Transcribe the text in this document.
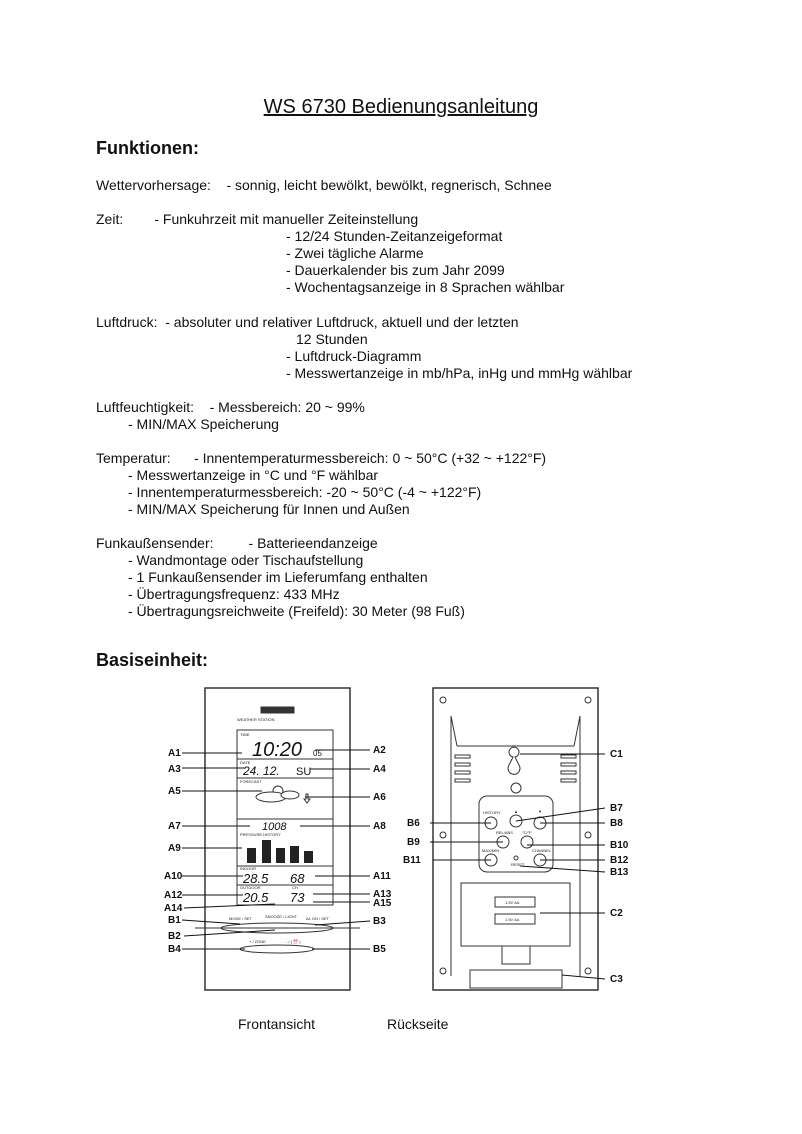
WS 6730 Bedienungsanleitung
Funktionen:
Wettervorhersage:    - sonnig, leicht bewölkt, bewölkt, regnerisch, Schnee
Zeit:        - Funkuhrzeit mit manueller Zeiteinstellung
- 12/24 Stunden-Zeitanzeigeformat
- Zwei tägliche Alarme
- Dauerkalender bis zum Jahr 2099
- Wochentagsanzeige in 8 Sprachen wählbar
Luftdruck:  - absoluter und relativer Luftdruck, aktuell und der letzten
12 Stunden
- Luftdruck-Diagramm
- Messwertanzeige in mb/hPa, inHg und mmHg wählbar
Luftfeuchtigkeit:    - Messbereich: 20 ~ 99%
- MIN/MAX Speicherung
Temperatur:      - Innentemperaturmessbereich: 0 ~ 50°C (+32 ~ +122°F)
- Messwertanzeige in °C und °F wählbar
- Innentemperaturmessbereich: -20 ~ 50°C (-4 ~ +122°F)
- MIN/MAX Speicherung für Innen und Außen
Funkaußensender:         - Batterieendanzeige
- Wandmontage oder Tischaufstellung
- 1 Funkaußensender im Lieferumfang enthalten
- Übertragungsfrequenz: 433 MHz
- Übertragungsreichweite (Freifeld): 30 Meter (98 Fuß)
Basiseinheit:
WEATHER STATION
TIME
10:20 05
DATE
24. 12. SU
FORECAST
1008
PRESSURE HISTORY
INDOOR
28.5 68
OUTDOOR	CH
20.5 73
MODE / SET	SNOOZE / LIGHT AL ON / SET
+ / ZONE	- / ( ⏰ )
A1
A3
A5
A7
A9
A10
A12
A14
B1
B2
B4
A2
A4
A6
A8
A11
A13
A15
B3
B5
HISTORY	▲	▼
REL/ABS °C/°F
MAX/MIN	CHANNEL
RESET
1.5V AA
1.5V AA
B6
B9
B11
C1
B7
B8
B10
B12
B13
C2
C3
Frontansicht	Rückseite
